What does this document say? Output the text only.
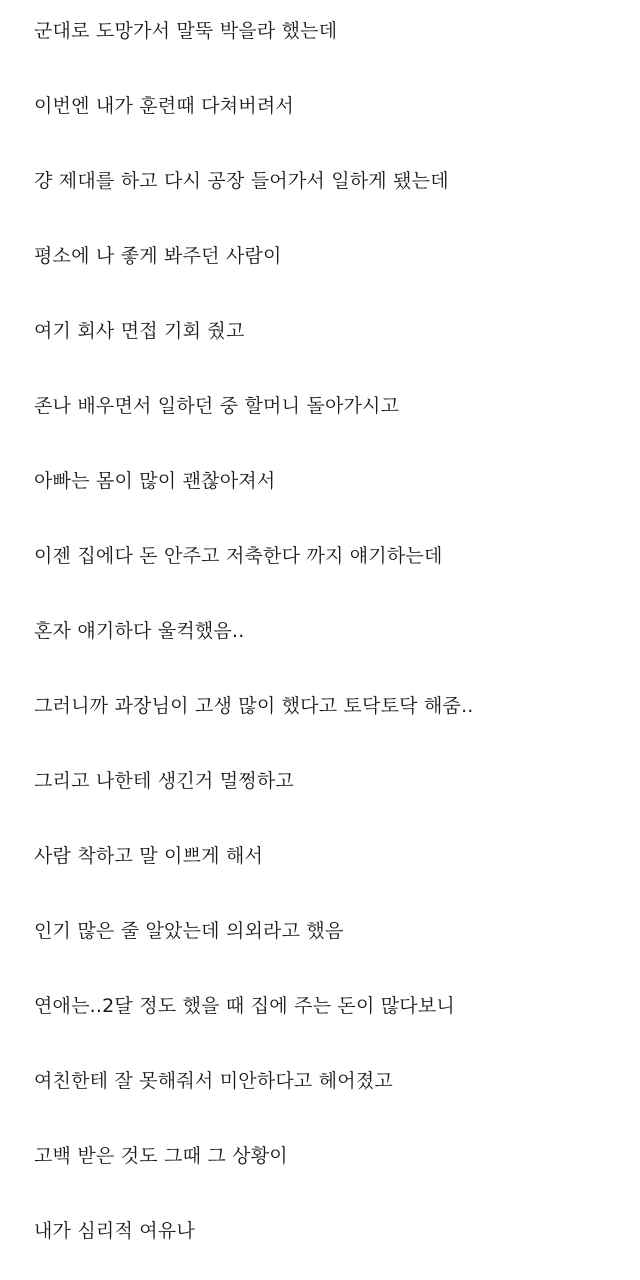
군대로 도망가서 말뚝 박을라 했는데

이번엔 내가 훈련때 다쳐버려서

걍 제대를 하고 다시 공장 들어가서 일하게 됐는데

평소에 나 좋게 봐주던 사람이

여기 회사 면접 기회 줬고

존나 배우면서 일하던 중 할머니 돌아가시고

아빠는 몸이 많이 괜찮아져서

이젠 집에다 돈 안주고 저축한다 까지 얘기하는데

혼자 얘기하다 울컥했음..

그러니까 과장님이 고생 많이 했다고 토닥토닥 해줌..

그리고 나한테 생긴거 멀쩡하고

사람 착하고 말 이쁘게 해서

인기 많은 줄 알았는데 의외라고 했음

연애는..2달 정도 했을 때 집에 주는 돈이 많다보니

여친한테 잘 못해줘서 미안하다고 헤어졌고

고백 받은 것도 그때 그 상황이

내가 심리적 여유나
